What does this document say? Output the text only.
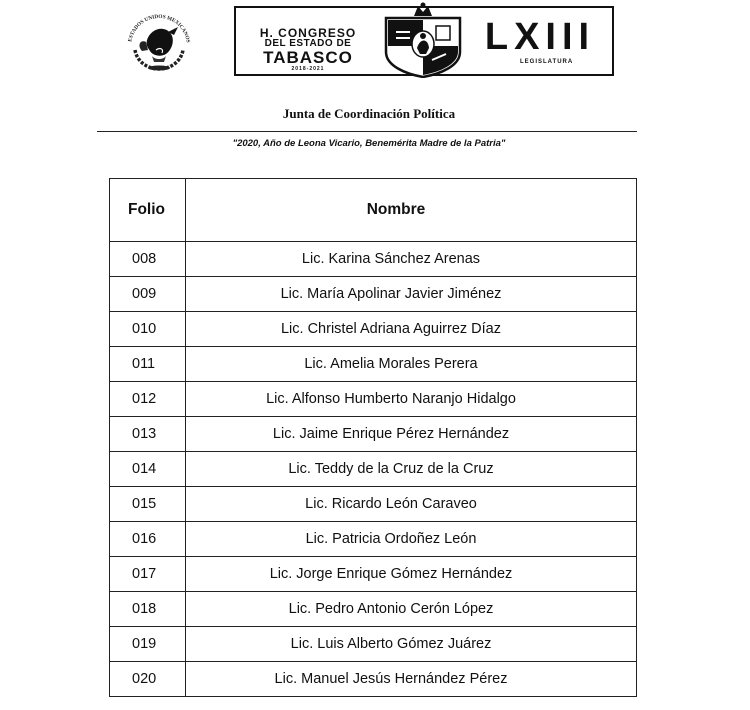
ESTADOS UNIDOS MEXICANOS
H. CONGRESO
DEL ESTADO DE
TABASCO
2018-2021
LXIII
LEGISLATURA
Junta de Coordinación Política
"2020, Año de Leona Vicario, Benemérita Madre de la Patria"
Folio	Nombre
008	Lic. Karina Sánchez Arenas
009	Lic. María Apolinar Javier Jiménez
010	Lic. Christel Adriana Aguirrez Díaz
011	Lic. Amelia Morales Perera
012	Lic. Alfonso Humberto Naranjo Hidalgo
013	Lic. Jaime Enrique Pérez Hernández
014	Lic. Teddy de la Cruz de la Cruz
015	Lic. Ricardo León Caraveo
016	Lic. Patricia Ordoñez León
017	Lic. Jorge Enrique Gómez Hernández
018	Lic. Pedro Antonio Cerón López
019	Lic. Luis Alberto Gómez Juárez
020	Lic. Manuel Jesús Hernández Pérez
